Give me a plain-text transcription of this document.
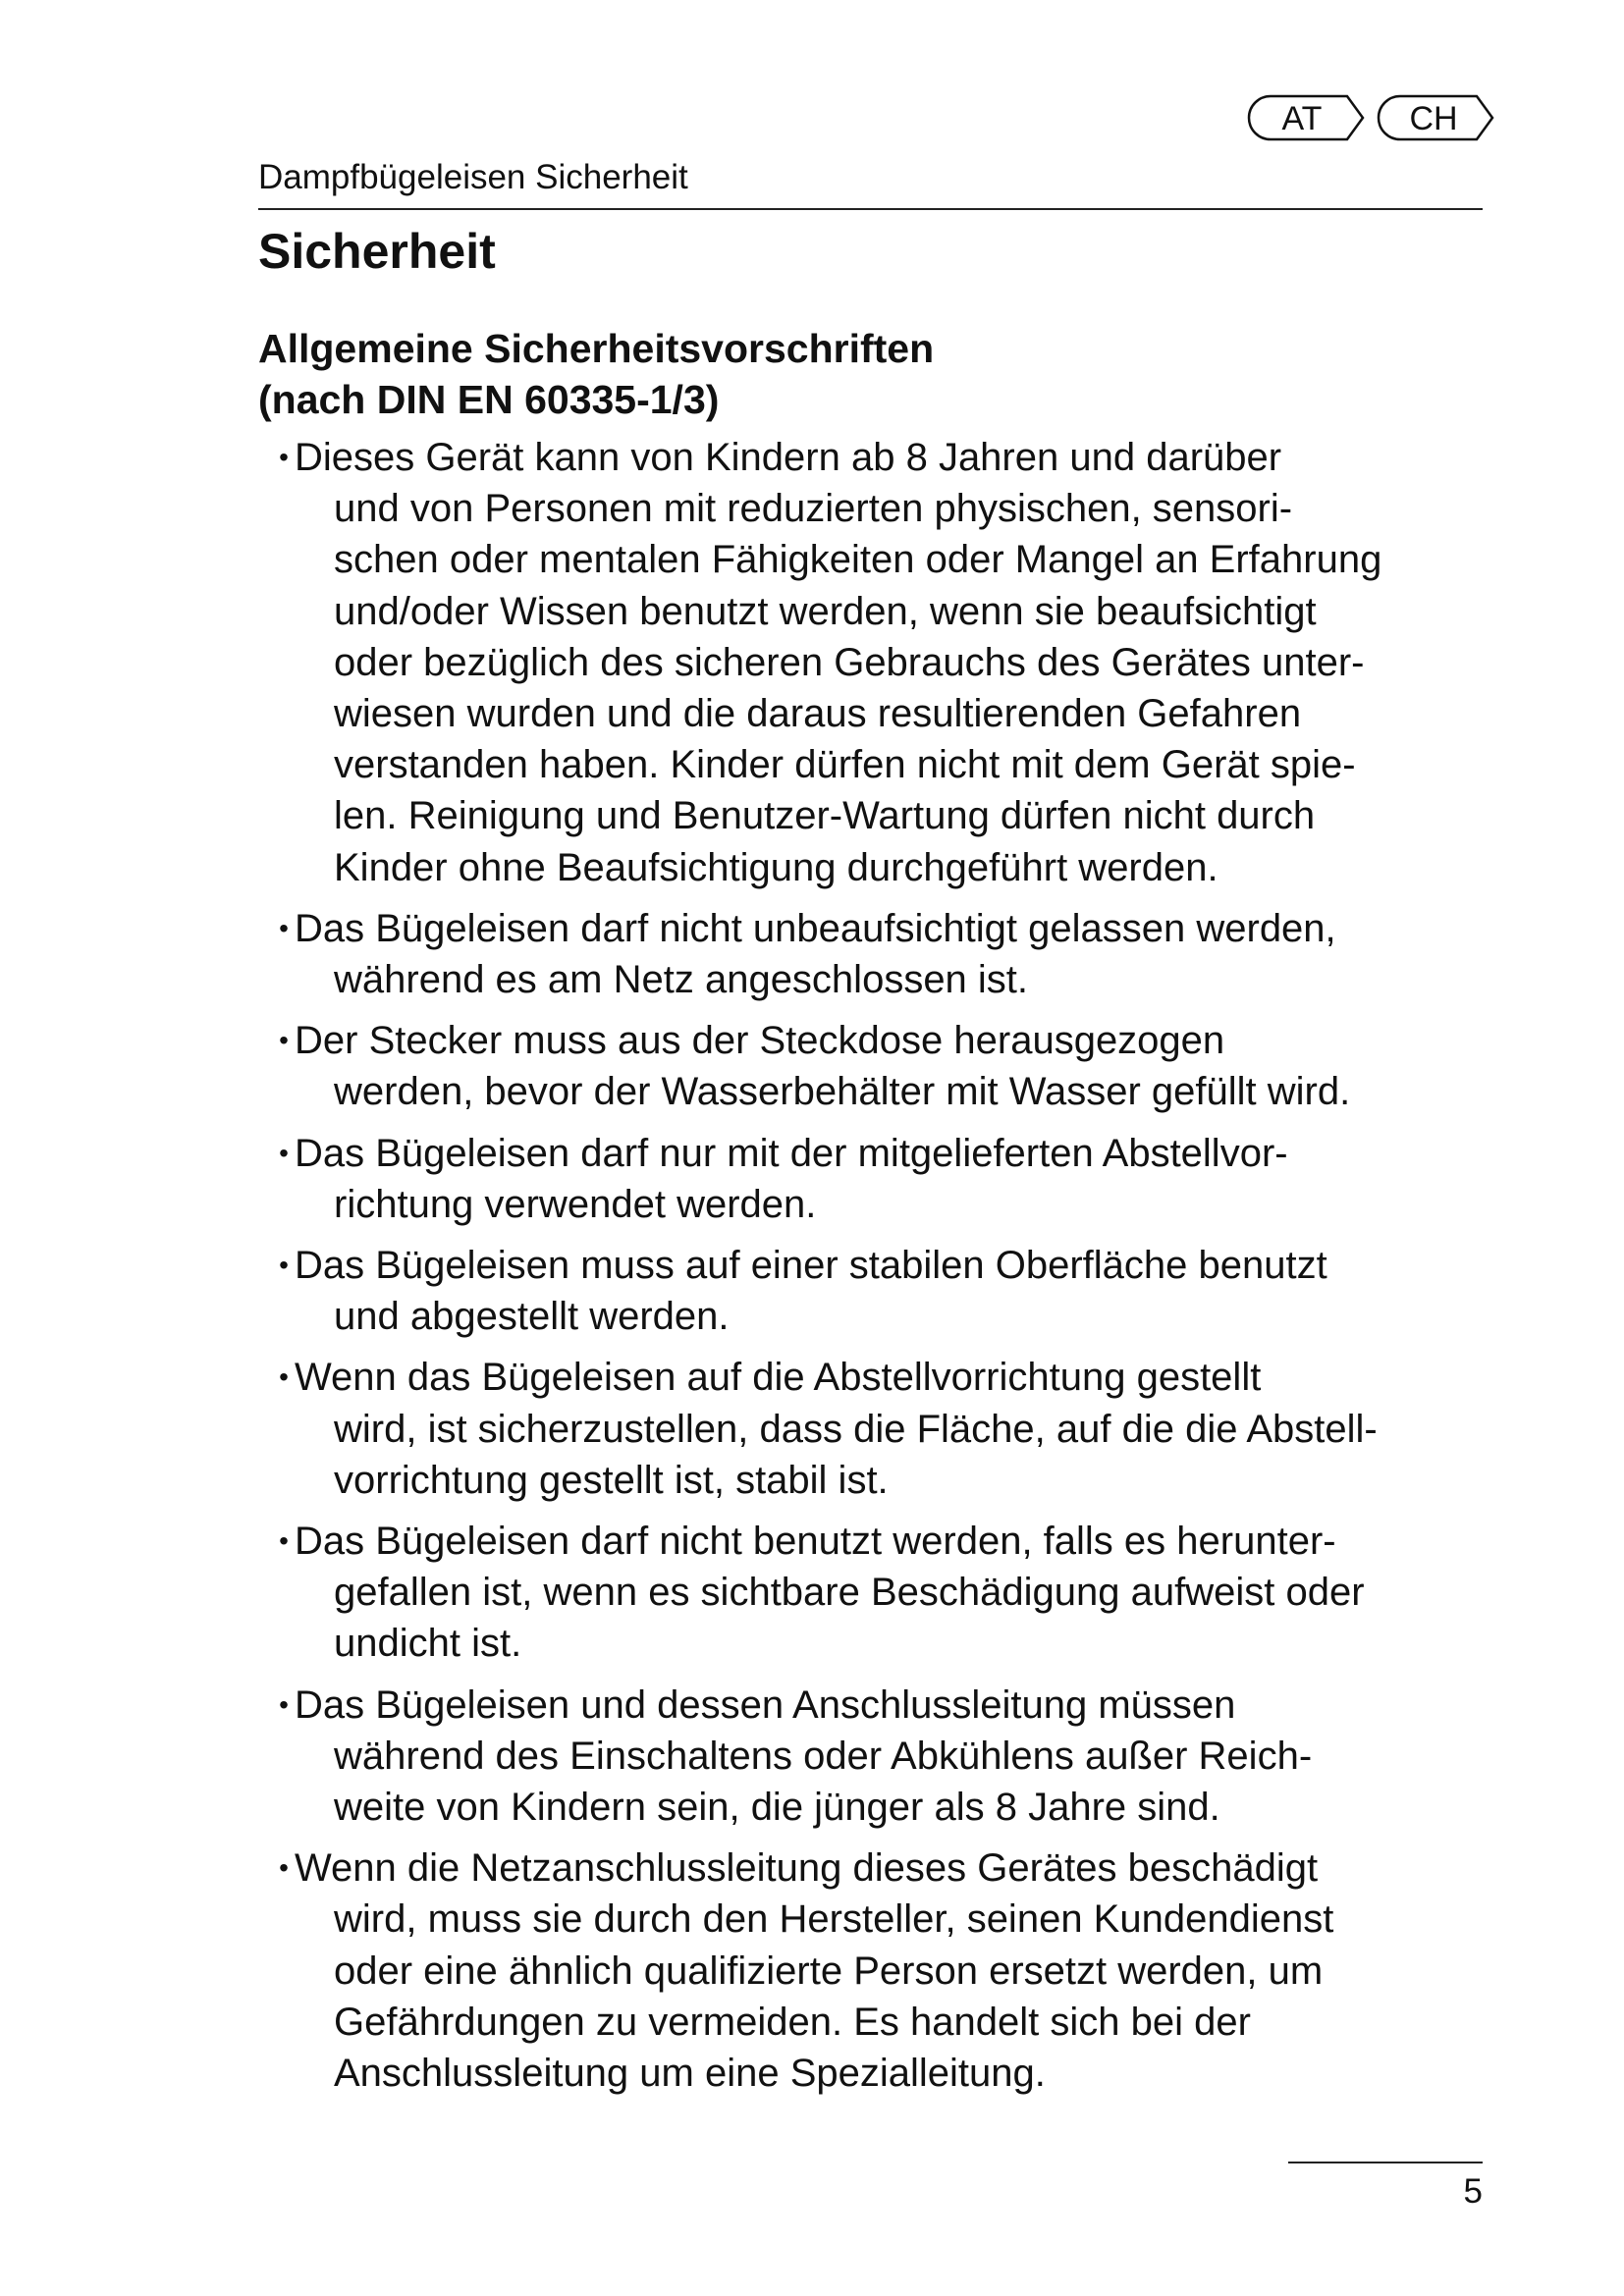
AT	CH
Dampfbügeleisen Sicherheit
Sicherheit
Allgemeine Sicherheitsvorschriften
(nach DIN EN 60335-1/3)
• Dieses Gerät kann von Kindern ab 8 Jahren und darüber
und von Personen mit reduzierten physischen, sensori-
schen oder mentalen Fähigkeiten oder Mangel an Erfahrung
und/oder Wissen benutzt werden, wenn sie beaufsichtigt
oder bezüglich des sicheren Gebrauchs des Gerätes unter-
wiesen wurden und die daraus resultierenden Gefahren
verstanden haben. Kinder dürfen nicht mit dem Gerät spie-
len. Reinigung und Benutzer-Wartung dürfen nicht durch
Kinder ohne Beaufsichtigung durchgeführt werden.
• Das Bügeleisen darf nicht unbeaufsichtigt gelassen werden,
während es am Netz angeschlossen ist.
• Der Stecker muss aus der Steckdose herausgezogen
werden, bevor der Wasserbehälter mit Wasser gefüllt wird.
• Das Bügeleisen darf nur mit der mitgelieferten Abstellvor-
richtung verwendet werden.
• Das Bügeleisen muss auf einer stabilen Oberfläche benutzt
und abgestellt werden.
• Wenn das Bügeleisen auf die Abstellvorrichtung gestellt
wird, ist sicherzustellen, dass die Fläche, auf die die Abstell-
vorrichtung gestellt ist, stabil ist.
• Das Bügeleisen darf nicht benutzt werden, falls es herunter-
gefallen ist, wenn es sichtbare Beschädigung aufweist oder
undicht ist.
• Das Bügeleisen und dessen Anschlussleitung müssen
während des Einschaltens oder Abkühlens außer Reich-
weite von Kindern sein, die jünger als 8 Jahre sind.
• Wenn die Netzanschlussleitung dieses Gerätes beschädigt
wird, muss sie durch den Hersteller, seinen Kundendienst
oder eine ähnlich qualifizierte Person ersetzt werden, um
Gefährdungen zu vermeiden. Es handelt sich bei der
Anschlussleitung um eine Spezialleitung.
5
